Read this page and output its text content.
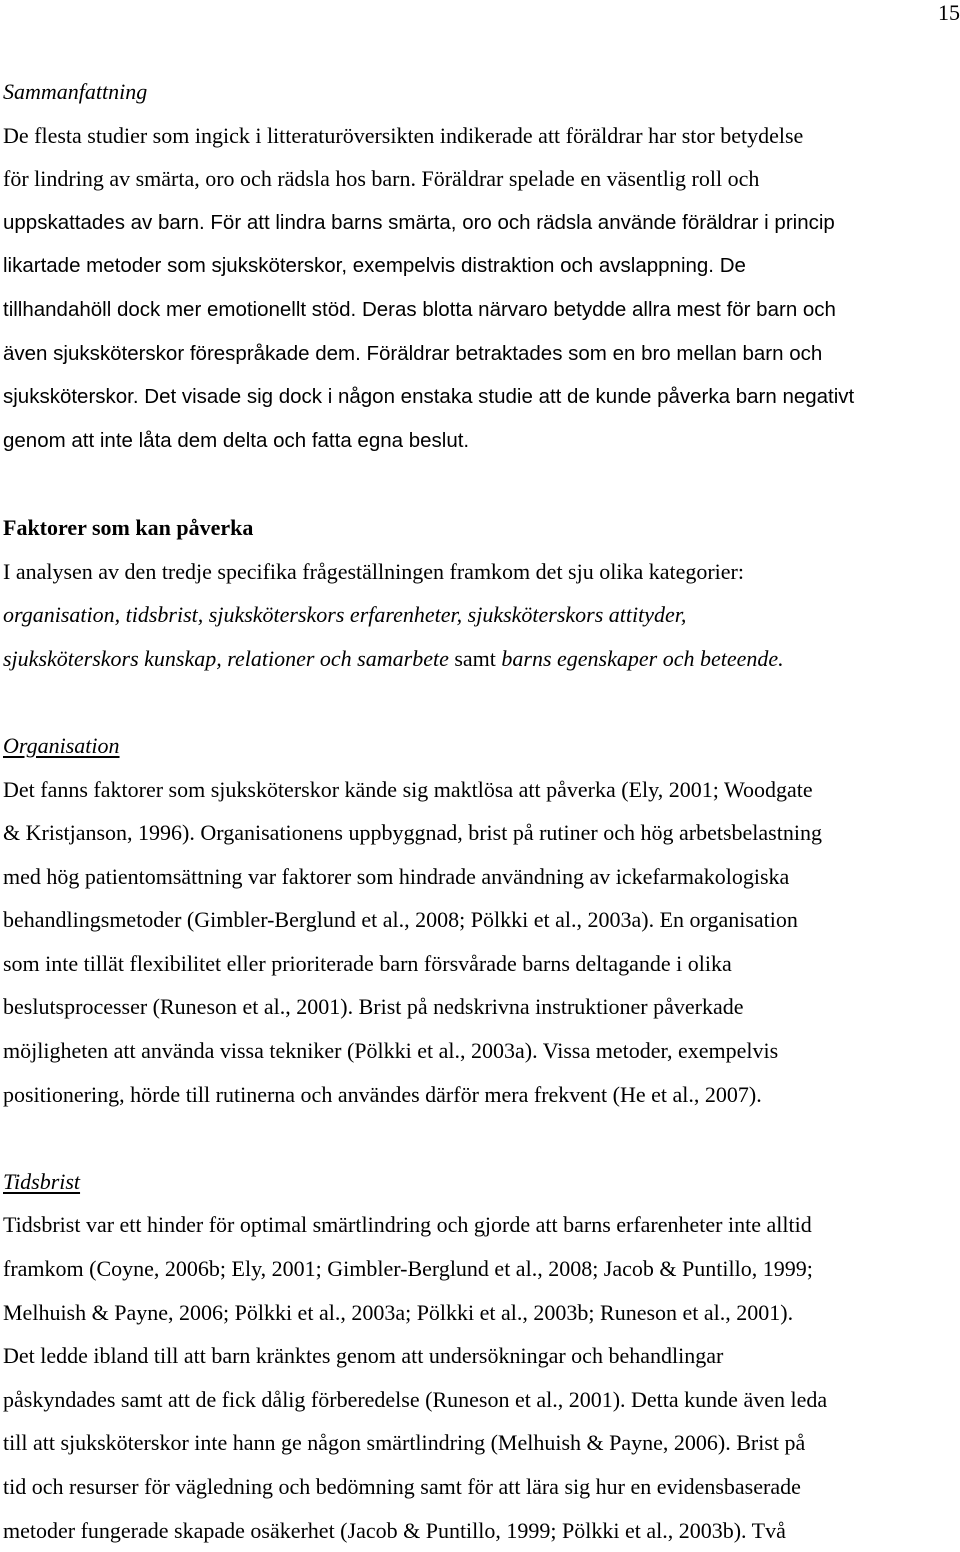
15

Sammanfattning

De flesta studier som ingick i litteraturöversikten indikerade att föräldrar har stor betydelse
för lindring av smärta, oro och rädsla hos barn. Föräldrar spelade en väsentlig roll och
uppskattades av barn. För att lindra barns smärta, oro och rädsla använde föräldrar i princip
likartade metoder som sjuksköterskor, exempelvis distraktion och avslappning. De
tillhandahöll dock mer emotionellt stöd. Deras blotta närvaro betydde allra mest för barn och
även sjuksköterskor förespråkade dem. Föräldrar betraktades som en bro mellan barn och
sjuksköterskor. Det visade sig dock i någon enstaka studie att de kunde påverka barn negativt
genom att inte låta dem delta och fatta egna beslut.

Faktorer som kan påverka

I analysen av den tredje specifika frågeställningen framkom det sju olika kategorier:
organisation, tidsbrist, sjuksköterskors erfarenheter, sjuksköterskors attityder,
sjuksköterskors kunskap, relationer och samarbete samt barns egenskaper och beteende.

Organisation

Det fanns faktorer som sjuksköterskor kände sig maktlösa att påverka (Ely, 2001; Woodgate
& Kristjanson, 1996). Organisationens uppbyggnad, brist på rutiner och hög arbetsbelastning
med hög patientomsättning var faktorer som hindrade användning av ickefarmakologiska
behandlingsmetoder (Gimbler-Berglund et al., 2008; Pölkki et al., 2003a). En organisation
som inte tillät flexibilitet eller prioriterade barn försvårade barns deltagande i olika
beslutsprocesser (Runeson et al., 2001). Brist på nedskrivna instruktioner påverkade
möjligheten att använda vissa tekniker (Pölkki et al., 2003a). Vissa metoder, exempelvis
positionering, hörde till rutinerna och användes därför mera frekvent (He et al., 2007).

Tidsbrist

Tidsbrist var ett hinder för optimal smärtlindring och gjorde att barns erfarenheter inte alltid
framkom (Coyne, 2006b; Ely, 2001; Gimbler-Berglund et al., 2008; Jacob & Puntillo, 1999;
Melhuish & Payne, 2006; Pölkki et al., 2003a; Pölkki et al., 2003b; Runeson et al., 2001).
Det ledde ibland till att barn kränktes genom att undersökningar och behandlingar
påskyndades samt att de fick dålig förberedelse (Runeson et al., 2001). Detta kunde även leda
till att sjuksköterskor inte hann ge någon smärtlindring (Melhuish & Payne, 2006). Brist på
tid och resurser för vägledning och bedömning samt för att lära sig hur en evidensbaserade
metoder fungerade skapade osäkerhet (Jacob & Puntillo, 1999; Pölkki et al., 2003b). Två
